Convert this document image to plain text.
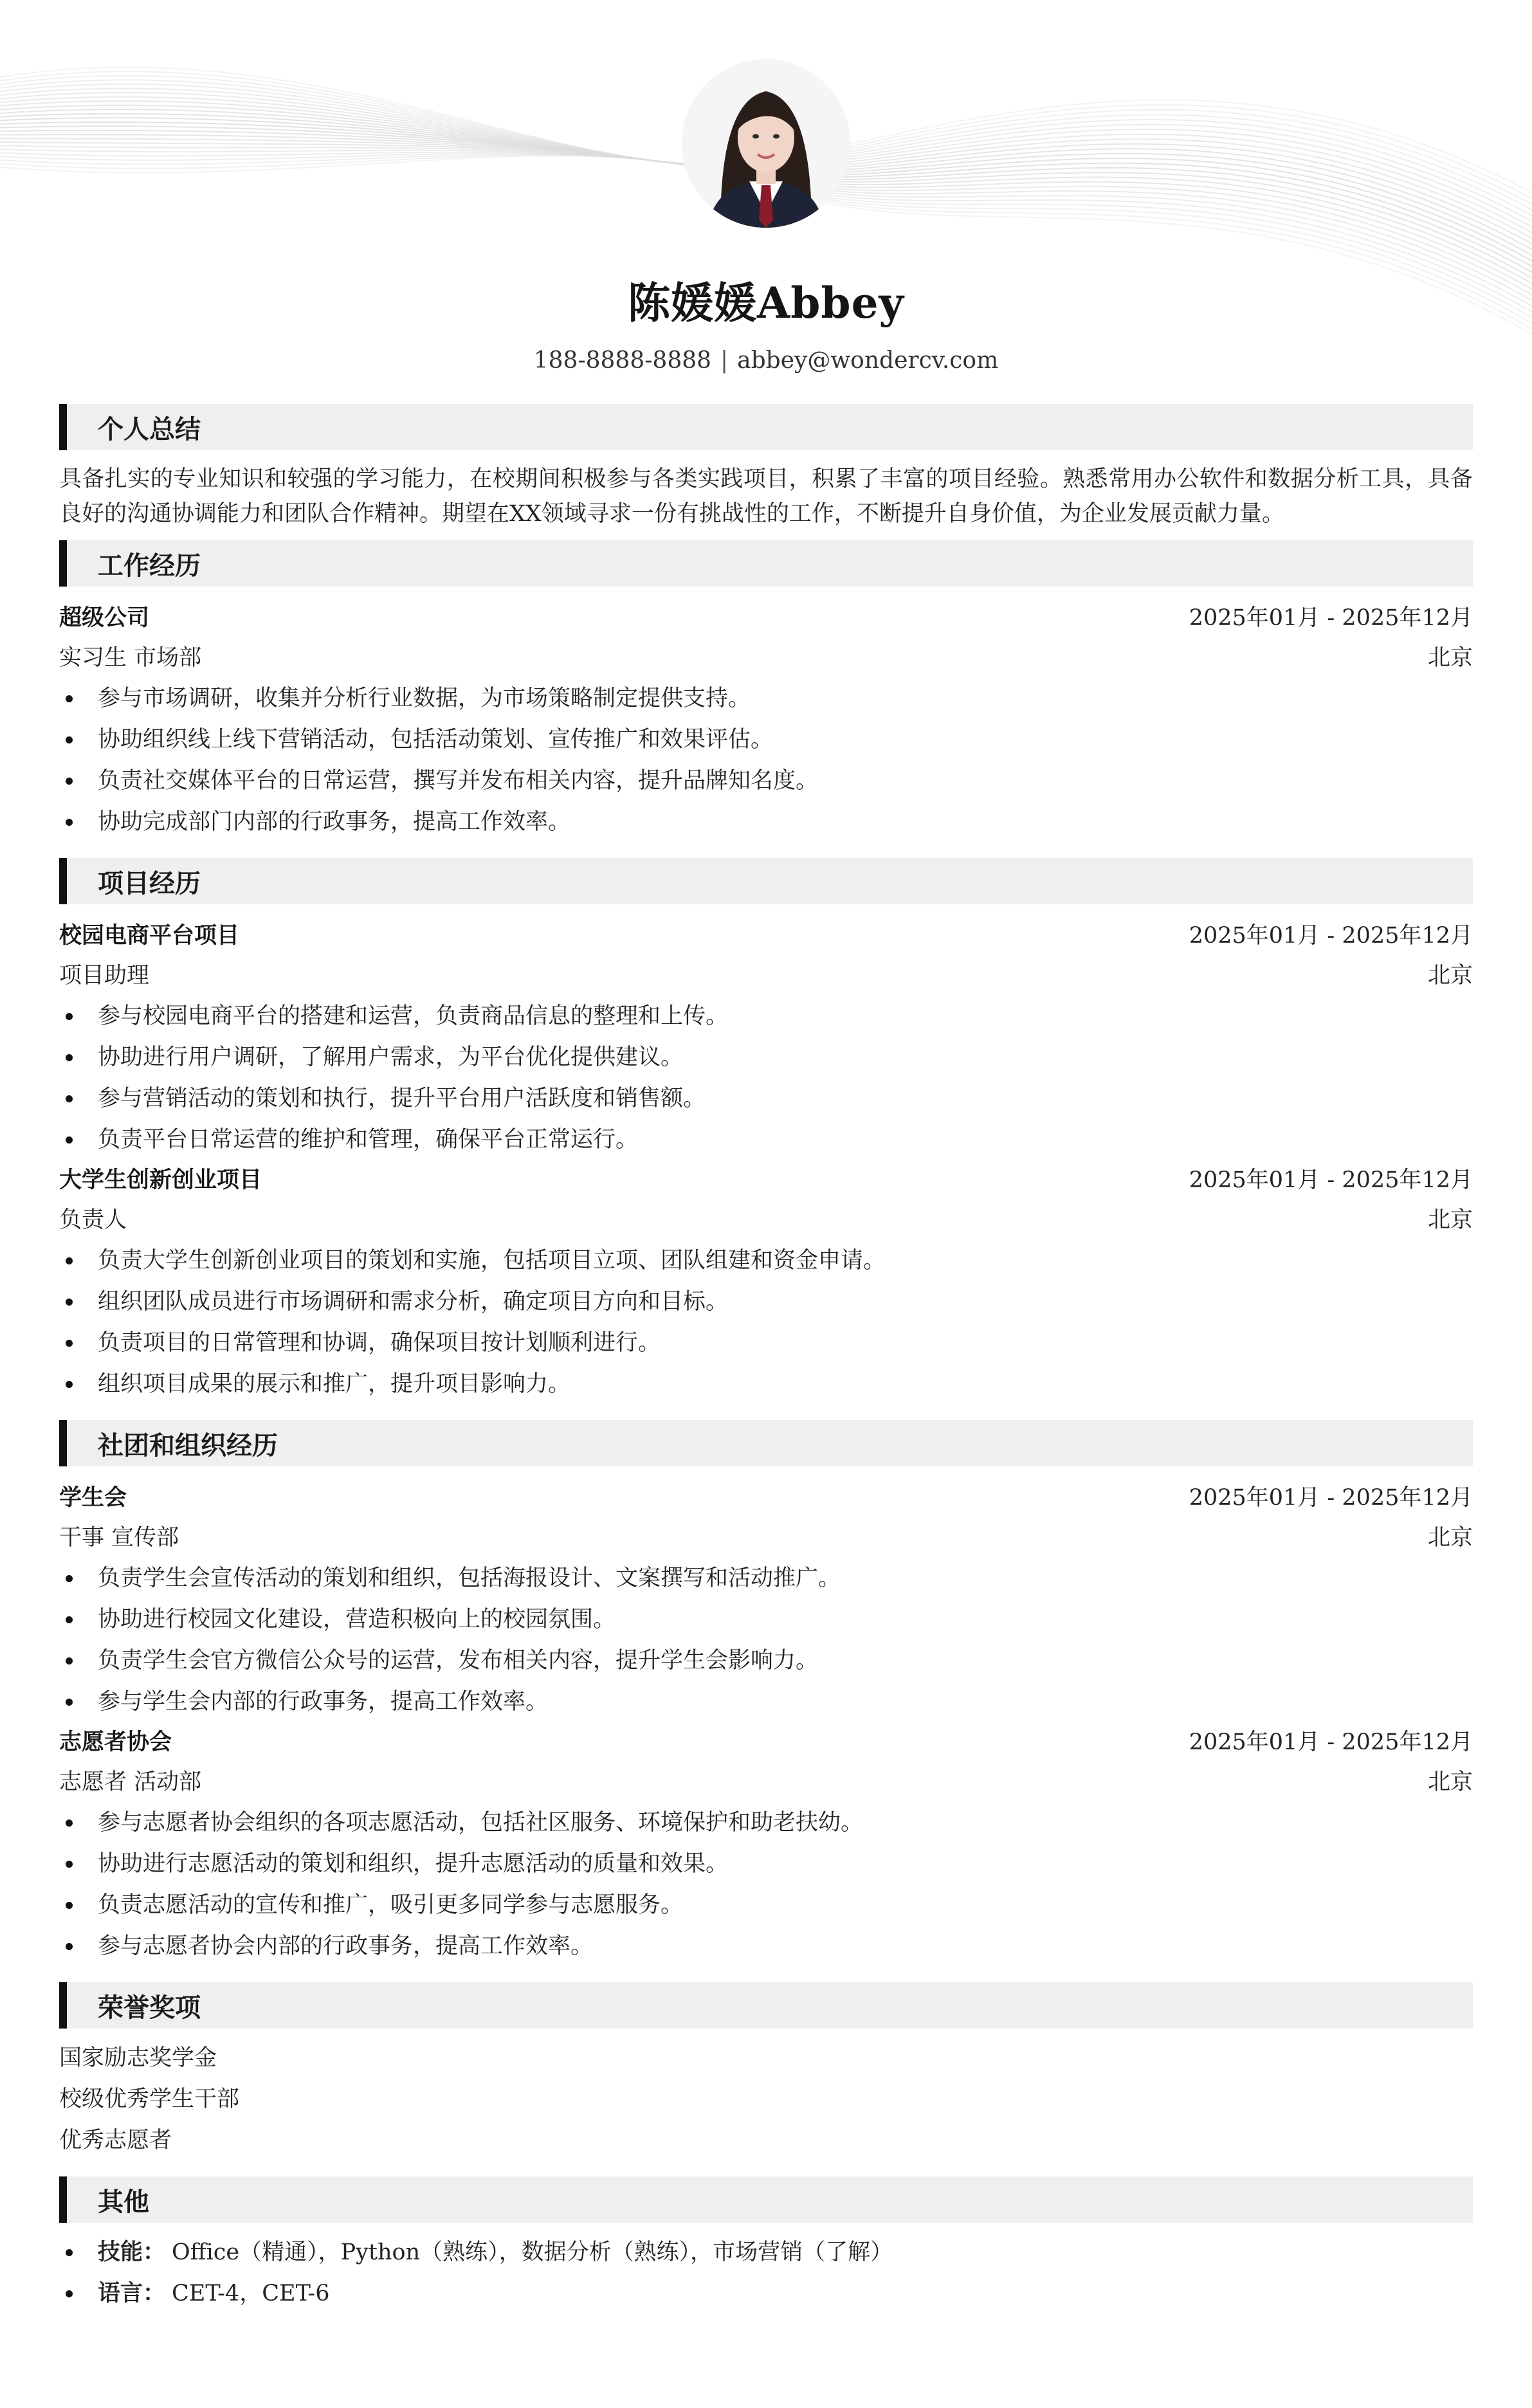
陈媛媛Abbey
188-8888-8888 | abbey@wondercv.com
个人总结
具备扎实的专业知识和较强的学习能力，在校期间积极参与各类实践项目，积累了丰富的项目经验。熟悉常用办公软件和数据分析工具，具备良好的沟通协调能力和团队合作精神。期望在XX领域寻求一份有挑战性的工作，不断提升自身价值，为企业发展贡献力量。
工作经历
超级公司	2025年01月 - 2025年12月
实习生 市场部	北京
参与市场调研，收集并分析行业数据，为市场策略制定提供支持。
协助组织线上线下营销活动，包括活动策划、宣传推广和效果评估。
负责社交媒体平台的日常运营，撰写并发布相关内容，提升品牌知名度。
协助完成部门内部的行政事务，提高工作效率。
项目经历
校园电商平台项目	2025年01月 - 2025年12月
项目助理	北京
参与校园电商平台的搭建和运营，负责商品信息的整理和上传。
协助进行用户调研，了解用户需求，为平台优化提供建议。
参与营销活动的策划和执行，提升平台用户活跃度和销售额。
负责平台日常运营的维护和管理，确保平台正常运行。
大学生创新创业项目	2025年01月 - 2025年12月
负责人	北京
负责大学生创新创业项目的策划和实施，包括项目立项、团队组建和资金申请。
组织团队成员进行市场调研和需求分析，确定项目方向和目标。
负责项目的日常管理和协调，确保项目按计划顺利进行。
组织项目成果的展示和推广，提升项目影响力。
社团和组织经历
学生会	2025年01月 - 2025年12月
干事 宣传部	北京
负责学生会宣传活动的策划和组织，包括海报设计、文案撰写和活动推广。
协助进行校园文化建设，营造积极向上的校园氛围。
负责学生会官方微信公众号的运营，发布相关内容，提升学生会影响力。
参与学生会内部的行政事务，提高工作效率。
志愿者协会	2025年01月 - 2025年12月
志愿者 活动部	北京
参与志愿者协会组织的各项志愿活动，包括社区服务、环境保护和助老扶幼。
协助进行志愿活动的策划和组织，提升志愿活动的质量和效果。
负责志愿活动的宣传和推广，吸引更多同学参与志愿服务。
参与志愿者协会内部的行政事务，提高工作效率。
荣誉奖项
国家励志奖学金
校级优秀学生干部
优秀志愿者
其他
技能： Office（精通），Python（熟练），数据分析（熟练），市场营销（了解）
语言： CET-4，CET-6
